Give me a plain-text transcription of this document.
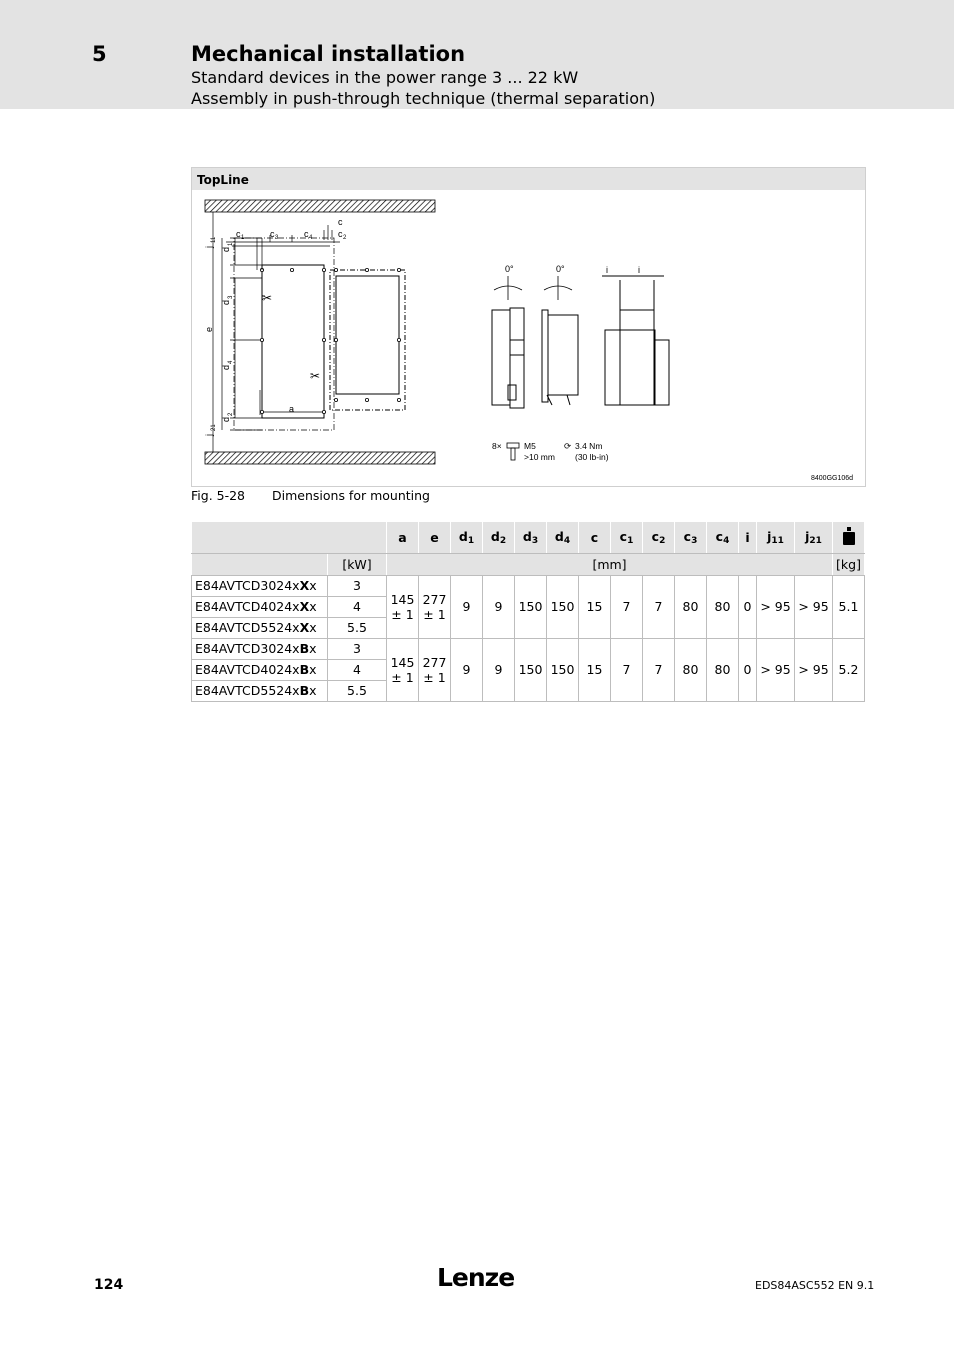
5	Mechanical installation
Standard devices in the power range 3 ... 22 kW
Assembly in push-through technique (thermal separation)
TopLine
c 1	c 3	c 4	c 2
c
a
j
11
d
1
d
3
e
d
4
d
2
j
21
✂
✂
0°	0°	i	i
8×	M5
>10 mm
⟳ 3.4 Nm
(30 lb-in)
8400GG106d
Fig. 5-28 Dimensions for mounting
		a	e	$d_1$	$d_2$	$d_3$	$d_4$	c	$c_1$	$c_2$	$c_3$	$c_4$	i	$j_{11}$	$j_{21}$	
	[kW]	[mm]														[kg]
E84AVTCD3024xXx	3	145
± 1	277
± 1	9	9	150	150	15	7	7	80	80	0	> 95	> 95	5.1
E84AVTCD4024xXx	4															
E84AVTCD5524xXx	5.5															
E84AVTCD3024xBx	3	145
± 1	277
± 1	9	9	150	150	15	7	7	80	80	0	> 95	> 95	5.2
E84AVTCD4024xBx	4															
E84AVTCD5524xBx	5.5															
124	Lenze	EDS84ASC552 EN 9.1
